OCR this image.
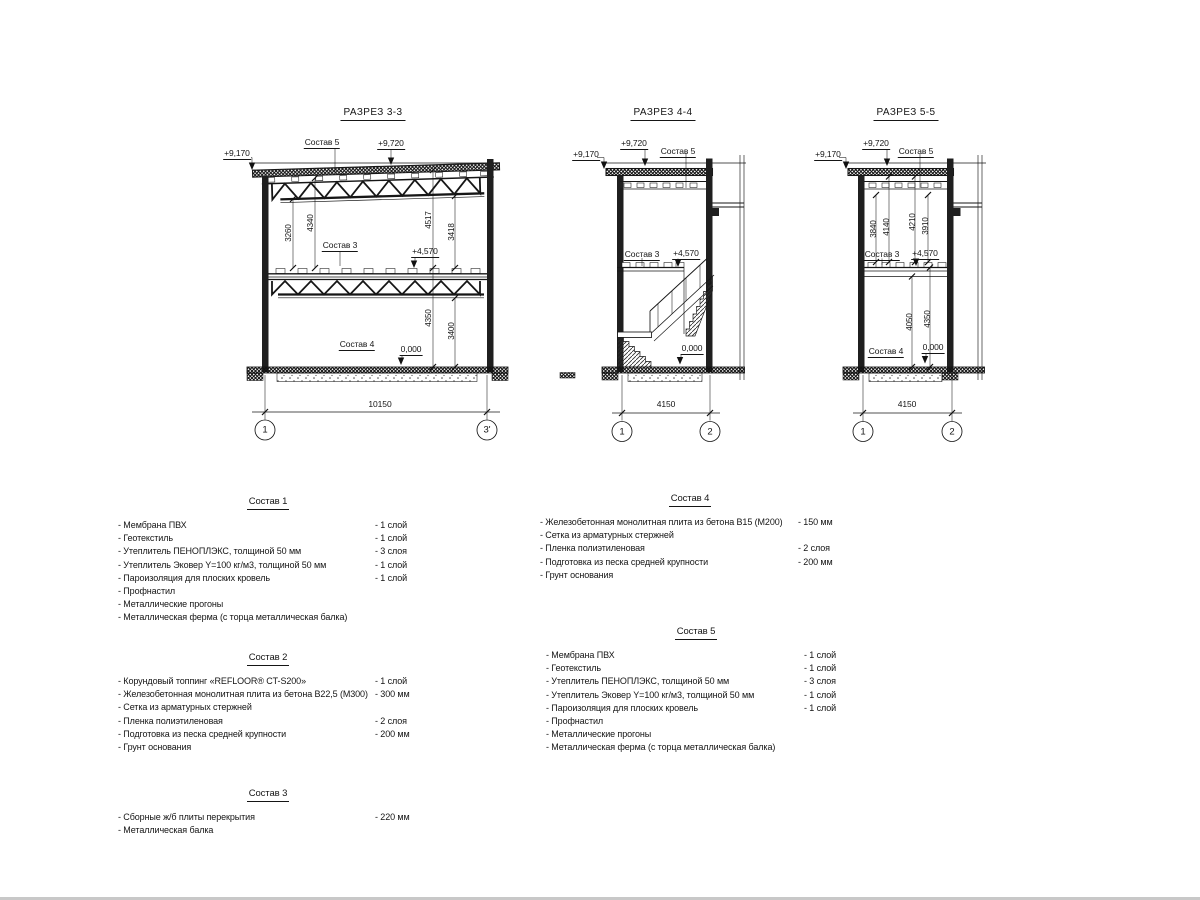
РАЗРЕЗ 3-3
+9,720
+9,170
Состав 5
Состав 3
+4,570
Состав 4	0,000
3260
4340	4517
3418
4350
3400
10150
1	3'
РАЗРЕЗ 4-4
+9,720
+9,170	Состав 5
Состав 3 +4,570
0,000
4150
1	2
РАЗРЕЗ 5-5
+9,720
+9,170	Состав 5
Состав 3 +4,570
Состав 4 0,000
3840 4140 4210 3910
4050 4350
4150
1	2
Состав 1
- Мембрана ПВХ	- 1 слой
- Геотекстиль	- 1 слой
- Утеплитель ПЕНОПЛЭКС, толщиной 50 мм	- 3 слоя
- Утеплитель Эковер Y=100 кг/м3, толщиной 50 мм	- 1 слой
- Пароизоляция для плоских кровель	- 1 слой
- Профнастил
- Металлические прогоны
- Металлическая ферма (с торца металлическая балка)
Состав 2
- Корундовый топпинг «REFLOOR® CT-S200»	- 1 слой
- Железобетонная монолитная плита из бетона В22,5 (М300) - 300 мм
- Сетка из арматурных стержней
- Пленка полиэтиленовая	- 2 слоя
- Подготовка из песка средней крупности	- 200 мм
- Грунт основания
Состав 3
- Сборные ж/б плиты перекрытия	- 220 мм
- Металлическая балка
Состав 4
- Железобетонная монолитная плита из бетона В15 (М200)	- 150 мм
- Сетка из арматурных стержней
- Пленка полиэтиленовая	- 2 слоя
- Подготовка из песка средней крупности	- 200 мм
- Грунт основания
Состав 5
- Мембрана ПВХ	- 1 слой
- Геотекстиль	- 1 слой
- Утеплитель ПЕНОПЛЭКС, толщиной 50 мм	- 3 слоя
- Утеплитель Эковер Y=100 кг/м3, толщиной 50 мм	- 1 слой
- Пароизоляция для плоских кровель	- 1 слой
- Профнастил
- Металлические прогоны
- Металлическая ферма (с торца металлическая балка)
